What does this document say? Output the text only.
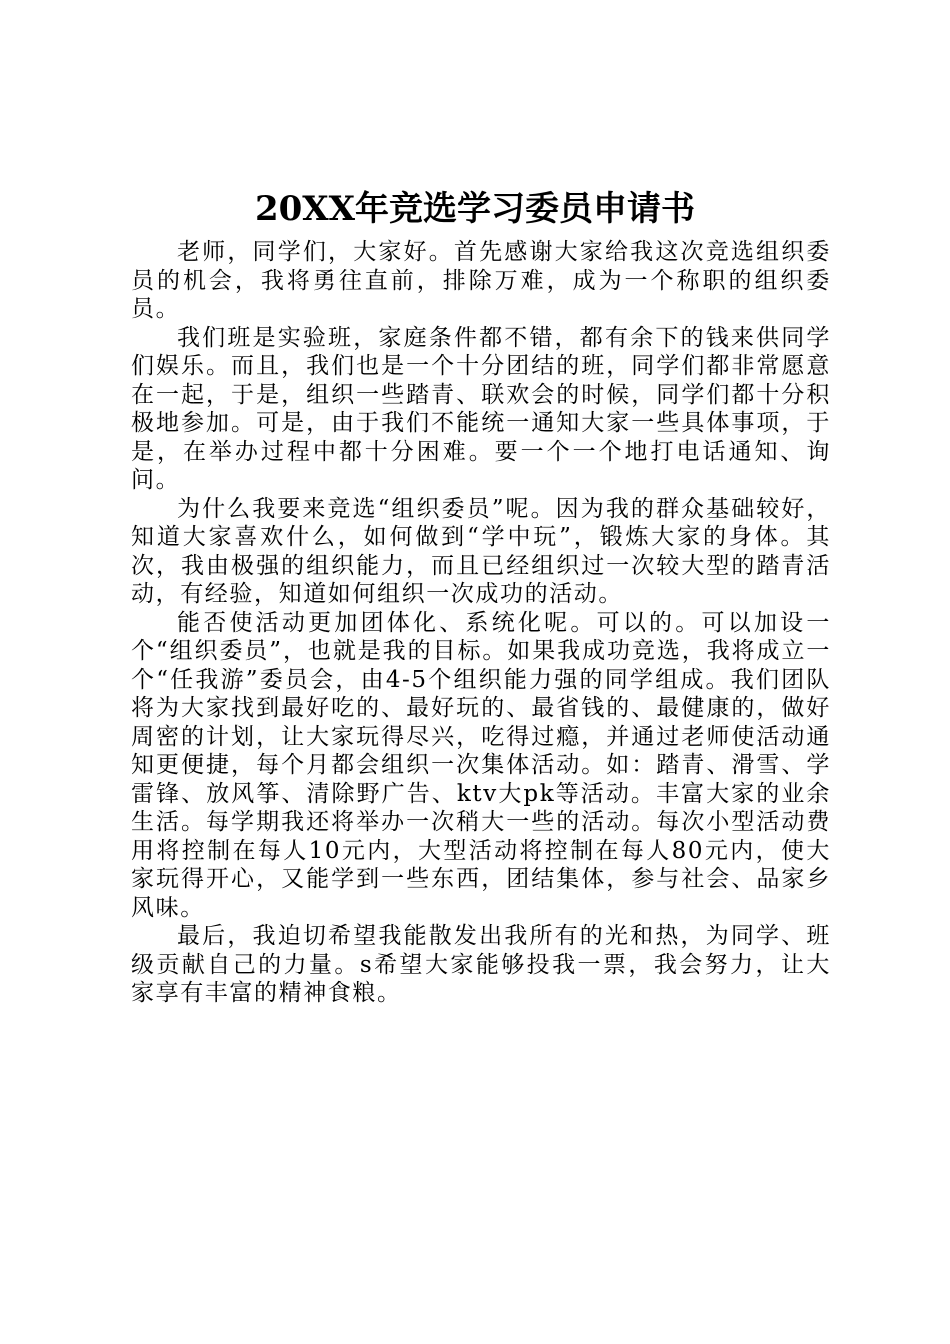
20XX年竞选学习委员申请书

老师，同学们，大家好。首先感谢大家给我这次竞选组织委员的机会，我将勇往直前，排除万难，成为一个称职的组织委员。

我们班是实验班，家庭条件都不错，都有余下的钱来供同学们娱乐。而且，我们也是一个十分团结的班，同学们都非常愿意在一起，于是，组织一些踏青、联欢会的时候，同学们都十分积极地参加。可是，由于我们不能统一通知大家一些具体事项，于是，在举办过程中都十分困难。要一个一个地打电话通知、询问。

为什么我要来竞选“组织委员”呢。因为我的群众基础较好，知道大家喜欢什么，如何做到“学中玩”，锻炼大家的身体。其次，我由极强的组织能力，而且已经组织过一次较大型的踏青活动，有经验，知道如何组织一次成功的活动。

能否使活动更加团体化、系统化呢。可以的。可以加设一个“组织委员”，也就是我的目标。如果我成功竞选，我将成立一个“任我游”委员会，由4-5个组织能力强的同学组成。我们团队将为大家找到最好吃的、最好玩的、最省钱的、最健康的，做好周密的计划，让大家玩得尽兴，吃得过瘾，并通过老师使活动通知更便捷，每个月都会组织一次集体活动。如：踏青、滑雪、学雷锋、放风筝、清除野广告、ktv大pk等活动。丰富大家的业余生活。每学期我还将举办一次稍大一些的活动。每次小型活动费用将控制在每人10元内，大型活动将控制在每人80元内，使大家玩得开心，又能学到一些东西，团结集体，参与社会、品家乡风味。

最后，我迫切希望我能散发出我所有的光和热，为同学、班级贡献自己的力量。s希望大家能够投我一票，我会努力，让大家享有丰富的精神食粮。
